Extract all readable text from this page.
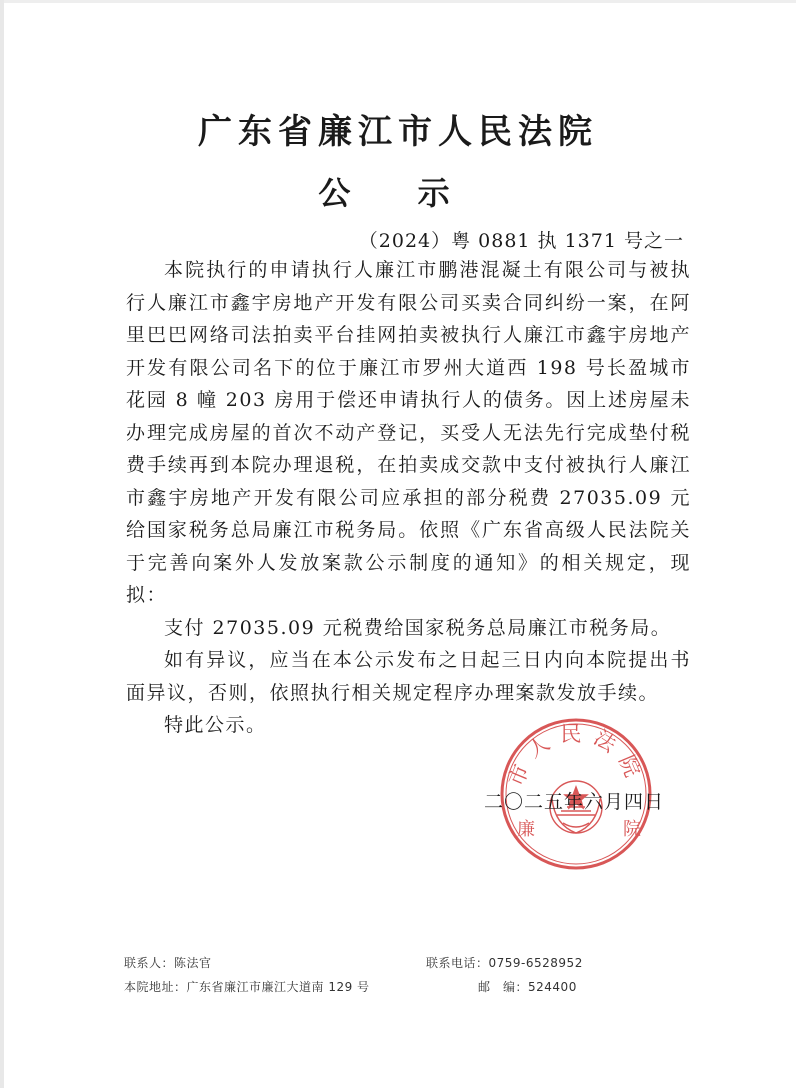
广东省廉江市人民法院
公 示
（2024）粤 0881 执 1371 号之一

本院执行的申请执行人廉江市鹏港混凝土有限公司与被执行人廉江市鑫宇房地产开发有限公司买卖合同纠纷一案，在阿里巴巴网络司法拍卖平台挂网拍卖被执行人廉江市鑫宇房地产开发有限公司名下的位于廉江市罗州大道西 198 号长盈城市花园 8 幢 203 房用于偿还申请执行人的债务。因上述房屋未办理完成房屋的首次不动产登记，买受人无法先行完成垫付税费手续再到本院办理退税，在拍卖成交款中支付被执行人廉江市鑫宇房地产开发有限公司应承担的部分税费 27035.09 元给国家税务总局廉江市税务局。依照《广东省高级人民法院关于完善向案外人发放案款公示制度的通知》的相关规定，现拟：

支付 27035.09 元税费给国家税务总局廉江市税务局。

如有异议，应当在本公示发布之日起三日内向本院提出书面异议，否则，依照执行相关规定程序办理案款发放手续。

特此公示。

市人民法院
廉	院
二〇二五年六月四日
联系人：陈法官	联系电话：0759-6528952
本院地址：广东省廉江市廉江大道南 129 号	邮　编：524400
